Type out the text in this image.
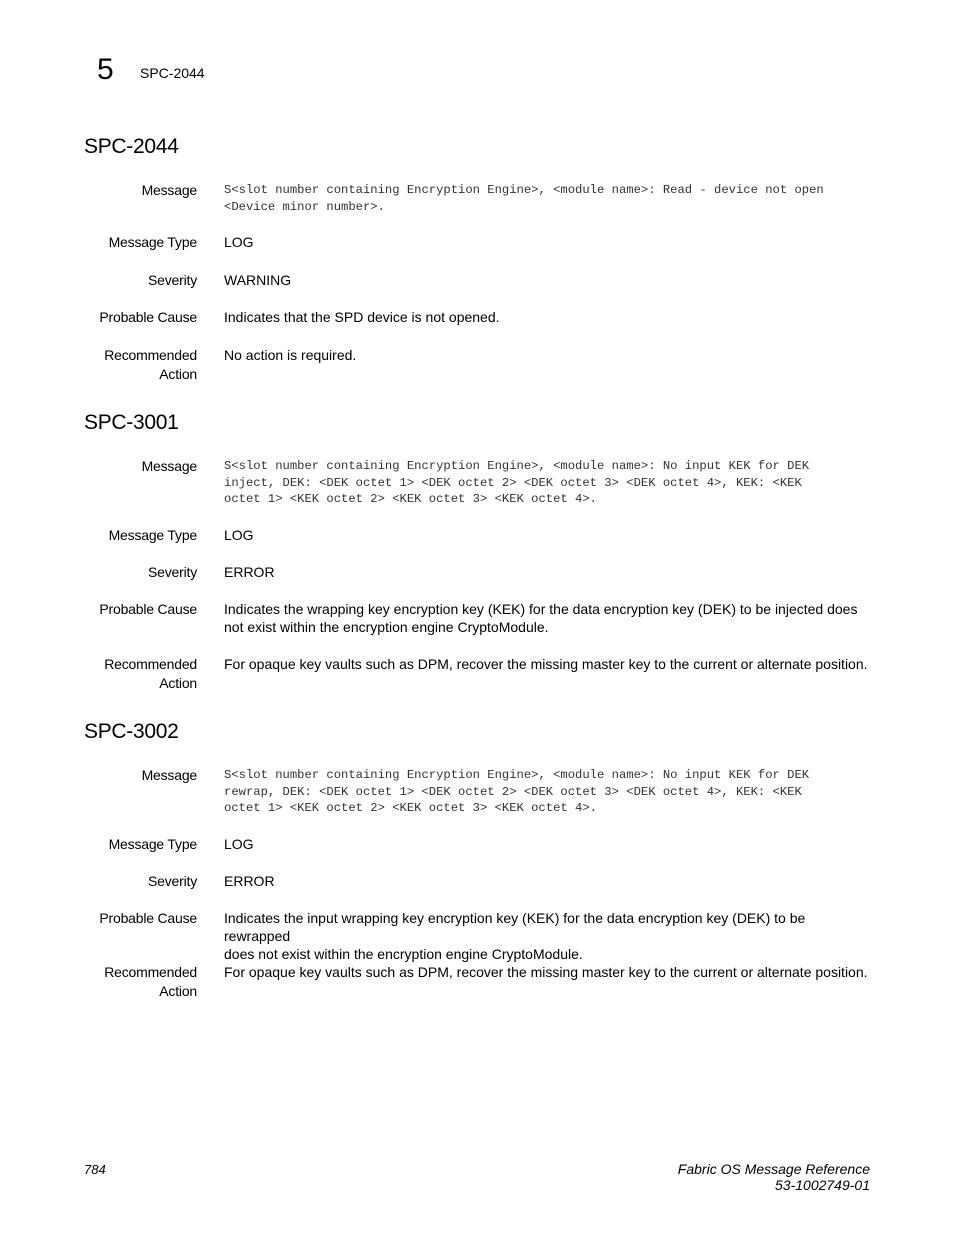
5 SPC-2044
SPC-2044
Message S<slot number containing Encryption Engine>, <module name>: Read - device not open
<Device minor number>.
Message Type LOG
Severity WARNING
Probable Cause Indicates that the SPD device is not opened.
Recommended
Action
No action is required.
SPC-3001
Message S<slot number containing Encryption Engine>, <module name>: No input KEK for DEK
inject, DEK: <DEK octet 1> <DEK octet 2> <DEK octet 3> <DEK octet 4>, KEK: <KEK
octet 1> <KEK octet 2> <KEK octet 3> <KEK octet 4>.
Message Type LOG
Severity ERROR
Probable Cause Indicates the wrapping key encryption key (KEK) for the data encryption key (DEK) to be injected does
not exist within the encryption engine CryptoModule.
Recommended
Action
For opaque key vaults such as DPM, recover the missing master key to the current or alternate position.
SPC-3002
Message S<slot number containing Encryption Engine>, <module name>: No input KEK for DEK
rewrap, DEK: <DEK octet 1> <DEK octet 2> <DEK octet 3> <DEK octet 4>, KEK: <KEK
octet 1> <KEK octet 2> <KEK octet 3> <KEK octet 4>.
Message Type LOG
Severity ERROR
Probable Cause Indicates the input wrapping key encryption key (KEK) for the data encryption key (DEK) to be rewrapped
does not exist within the encryption engine CryptoModule.
Recommended
Action
For opaque key vaults such as DPM, recover the missing master key to the current or alternate position.
784	Fabric OS Message Reference
53-1002749-01
